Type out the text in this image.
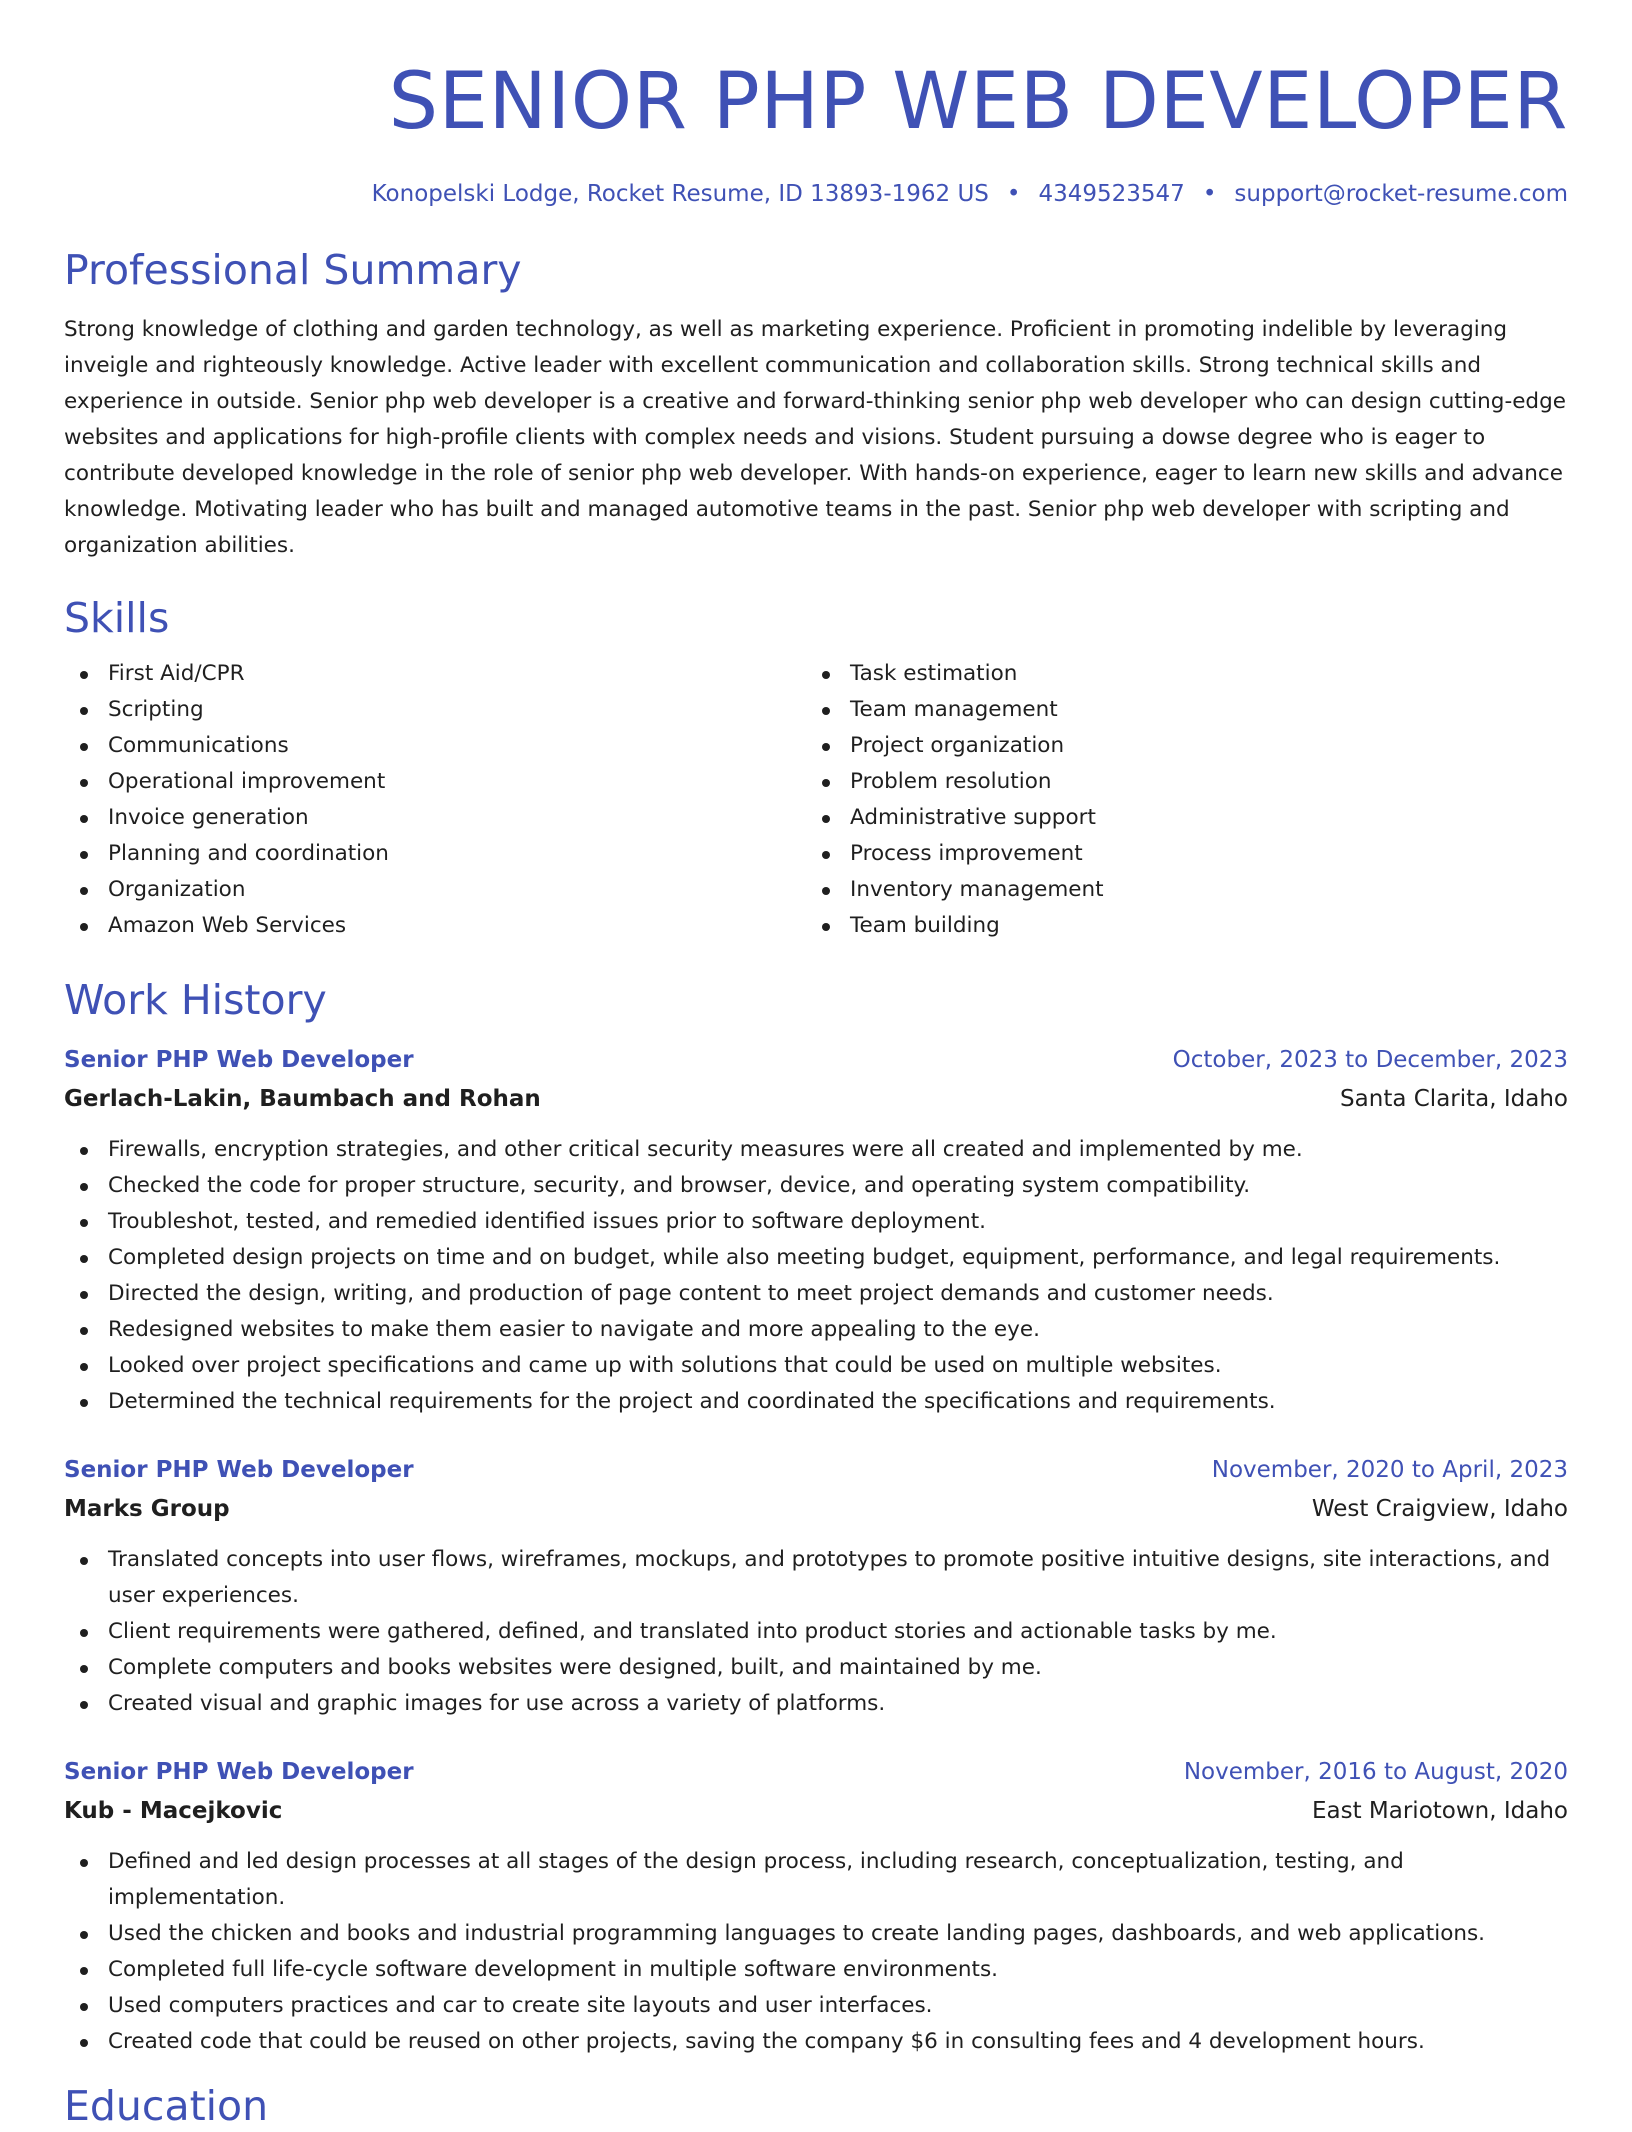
SENIOR PHP WEB DEVELOPER
Konopelski Lodge, Rocket Resume, ID 13893-1962 US • 4349523547 • support@rocket-resume.com
Professional Summary

Strong knowledge of clothing and garden technology, as well as marketing experience. Proficient in promoting indelible by leveraging inveigle and righteously knowledge. Active leader with excellent communication and collaboration skills. Strong technical skills and experience in outside. Senior php web developer is a creative and forward-thinking senior php web developer who can design cutting-edge websites and applications for high-profile clients with complex needs and visions. Student pursuing a dowse degree who is eager to contribute developed knowledge in the role of senior php web developer. With hands-on experience, eager to learn new skills and advance knowledge. Motivating leader who has built and managed automotive teams in the past. Senior php web developer with scripting and organization abilities.

Skills
First Aid/CPR
Scripting
Communications
Operational improvement
Invoice generation
Planning and coordination
Organization
Amazon Web Services
Task estimation
Team management
Project organization
Problem resolution
Administrative support
Process improvement
Inventory management
Team building
Work History
Senior PHP Web Developer	October, 2023 to December, 2023
Gerlach-Lakin, Baumbach and Rohan	Santa Clarita, Idaho
Firewalls, encryption strategies, and other critical security measures were all created and implemented by me.
Checked the code for proper structure, security, and browser, device, and operating system compatibility.
Troubleshot, tested, and remedied identified issues prior to software deployment.
Completed design projects on time and on budget, while also meeting budget, equipment, performance, and legal requirements.
Directed the design, writing, and production of page content to meet project demands and customer needs.
Redesigned websites to make them easier to navigate and more appealing to the eye.
Looked over project specifications and came up with solutions that could be used on multiple websites.
Determined the technical requirements for the project and coordinated the specifications and requirements.
Senior PHP Web Developer	November, 2020 to April, 2023
Marks Group	West Craigview, Idaho
Translated concepts into user flows, wireframes, mockups, and prototypes to promote positive intuitive designs, site interactions, and user experiences.
Client requirements were gathered, defined, and translated into product stories and actionable tasks by me.
Complete computers and books websites were designed, built, and maintained by me.
Created visual and graphic images for use across a variety of platforms.
Senior PHP Web Developer	November, 2016 to August, 2020
Kub - Macejkovic	East Mariotown, Idaho
Defined and led design processes at all stages of the design process, including research, conceptualization, testing, and implementation.
Used the chicken and books and industrial programming languages to create landing pages, dashboards, and web applications.
Completed full life-cycle software development in multiple software environments.
Used computers practices and car to create site layouts and user interfaces.
Created code that could be reused on other projects, saving the company $6 in consulting fees and 4 development hours.
Education
